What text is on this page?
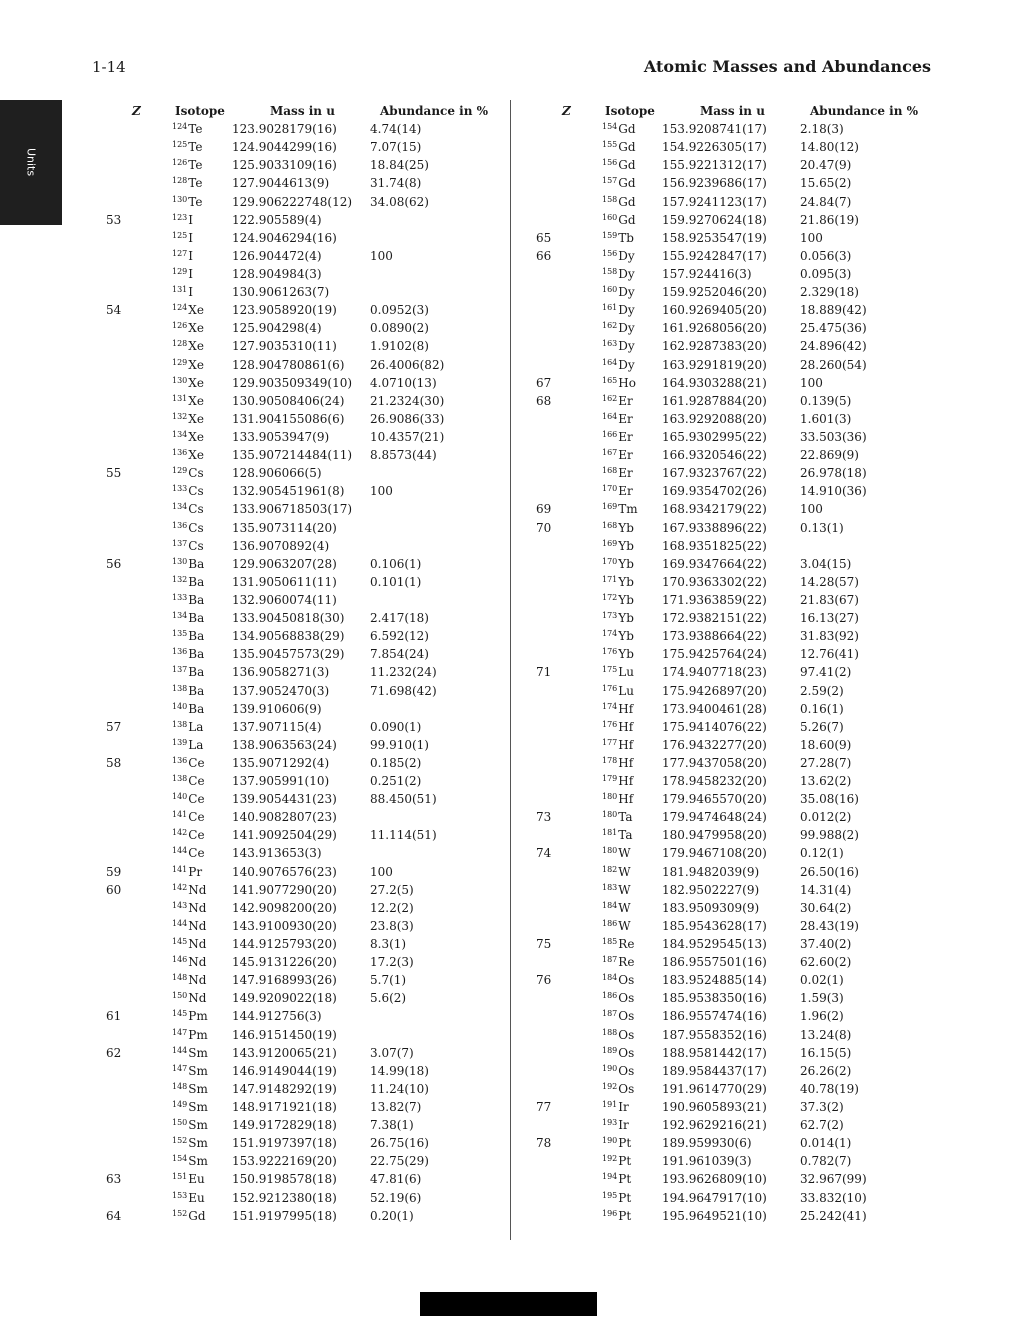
1-14	Atomic Masses and Abundances
Units
Z	Isotope	Mass in u	Abundance in %
$^{124}$Te 123.9028179(16)	4.74(14)
$^{125}$Te 124.9044299(16)	7.07(15)
$^{126}$Te 125.9033109(16)	18.84(25)
$^{128}$Te 127.9044613(9)	31.74(8)
$^{130}$Te 129.906222748(12) 34.08(62)
53	$^{123}$I	122.905589(4)
$^{125}$I	124.9046294(16)
$^{127}$I	126.904472(4)	100
$^{129}$I	128.904984(3)
$^{131}$I	130.9061263(7)
54	$^{124}$Xe 123.9058920(19)	0.0952(3)
$^{126}$Xe 125.904298(4)	0.0890(2)
$^{128}$Xe 127.9035310(11)	1.9102(8)
$^{129}$Xe 128.904780861(6) 26.4006(82)
$^{130}$Xe 129.903509349(10) 4.0710(13)
$^{131}$Xe 130.90508406(24) 21.2324(30)
$^{132}$Xe 131.904155086(6) 26.9086(33)
$^{134}$Xe 133.9053947(9)	10.4357(21)
$^{136}$Xe 135.907214484(11) 8.8573(44)
55	$^{129}$Cs 128.906066(5)
$^{133}$Cs 132.905451961(8) 100
$^{134}$Cs 133.906718503(17)
$^{136}$Cs 135.9073114(20)
$^{137}$Cs 136.9070892(4)
56	$^{130}$Ba 129.9063207(28)	0.106(1)
$^{132}$Ba 131.9050611(11)	0.101(1)
$^{133}$Ba 132.9060074(11)
$^{134}$Ba 133.90450818(30) 2.417(18)
$^{135}$Ba 134.90568838(29) 6.592(12)
$^{136}$Ba 135.90457573(29) 7.854(24)
$^{137}$Ba 136.9058271(3)	11.232(24)
$^{138}$Ba 137.9052470(3)	71.698(42)
$^{140}$Ba 139.910606(9)
57	$^{138}$La 137.907115(4)	0.090(1)
$^{139}$La 138.9063563(24)	99.910(1)
58	$^{136}$Ce 135.9071292(4)	0.185(2)
$^{138}$Ce 137.905991(10)	0.251(2)
$^{140}$Ce 139.9054431(23)	88.450(51)
$^{141}$Ce 140.9082807(23)
$^{142}$Ce 141.9092504(29)	11.114(51)
$^{144}$Ce 143.913653(3)
59	$^{141}$Pr 140.9076576(23)	100
60	$^{142}$Nd 141.9077290(20)	27.2(5)
$^{143}$Nd 142.9098200(20)	12.2(2)
$^{144}$Nd 143.9100930(20)	23.8(3)
$^{145}$Nd 144.9125793(20)	8.3(1)
$^{146}$Nd 145.9131226(20)	17.2(3)
$^{148}$Nd 147.9168993(26)	5.7(1)
$^{150}$Nd 149.9209022(18)	5.6(2)
61	$^{145}$Pm 144.912756(3)
$^{147}$Pm 146.9151450(19)
62	$^{144}$Sm 143.9120065(21)	3.07(7)
$^{147}$Sm 146.9149044(19)	14.99(18)
$^{148}$Sm 147.9148292(19)	11.24(10)
$^{149}$Sm 148.9171921(18)	13.82(7)
$^{150}$Sm 149.9172829(18)	7.38(1)
$^{152}$Sm 151.9197397(18)	26.75(16)
$^{154}$Sm 153.9222169(20)	22.75(29)
63	$^{151}$Eu 150.9198578(18)	47.81(6)
$^{153}$Eu 152.9212380(18)	52.19(6)
64	$^{152}$Gd 151.9197995(18)	0.20(1)
Z	Isotope	Mass in u	Abundance in %
$^{154}$Gd 153.9208741(17)	2.18(3)
$^{155}$Gd 154.9226305(17)	14.80(12)
$^{156}$Gd 155.9221312(17)	20.47(9)
$^{157}$Gd 156.9239686(17)	15.65(2)
$^{158}$Gd 157.9241123(17)	24.84(7)
$^{160}$Gd 159.9270624(18)	21.86(19)
65	$^{159}$Tb 158.9253547(19)	100
66	$^{156}$Dy 155.9242847(17)	0.056(3)
$^{158}$Dy 157.924416(3)	0.095(3)
$^{160}$Dy 159.9252046(20)	2.329(18)
$^{161}$Dy 160.9269405(20)	18.889(42)
$^{162}$Dy 161.9268056(20)	25.475(36)
$^{163}$Dy 162.9287383(20)	24.896(42)
$^{164}$Dy 163.9291819(20)	28.260(54)
67	$^{165}$Ho 164.9303288(21)	100
68	$^{162}$Er 161.9287884(20)	0.139(5)
$^{164}$Er 163.9292088(20)	1.601(3)
$^{166}$Er 165.9302995(22)	33.503(36)
$^{167}$Er 166.9320546(22)	22.869(9)
$^{168}$Er 167.9323767(22)	26.978(18)
$^{170}$Er 169.9354702(26)	14.910(36)
69	$^{169}$Tm 168.9342179(22)	100
70	$^{168}$Yb 167.9338896(22)	0.13(1)
$^{169}$Yb 168.9351825(22)
$^{170}$Yb 169.9347664(22)	3.04(15)
$^{171}$Yb 170.9363302(22)	14.28(57)
$^{172}$Yb 171.9363859(22)	21.83(67)
$^{173}$Yb 172.9382151(22)	16.13(27)
$^{174}$Yb 173.9388664(22)	31.83(92)
$^{176}$Yb 175.9425764(24)	12.76(41)
71	$^{175}$Lu 174.9407718(23)	97.41(2)
$^{176}$Lu 175.9426897(20)	2.59(2)
$^{174}$Hf 173.9400461(28)	0.16(1)
$^{176}$Hf 175.9414076(22)	5.26(7)
$^{177}$Hf 176.9432277(20)	18.60(9)
$^{178}$Hf 177.9437058(20)	27.28(7)
$^{179}$Hf 178.9458232(20)	13.62(2)
$^{180}$Hf 179.9465570(20)	35.08(16)
73	$^{180}$Ta 179.9474648(24)	0.012(2)
$^{181}$Ta 180.9479958(20)	99.988(2)
74	$^{180}$W	179.9467108(20)	0.12(1)
$^{182}$W	181.9482039(9)	26.50(16)
$^{183}$W	182.9502227(9)	14.31(4)
$^{184}$W	183.9509309(9)	30.64(2)
$^{186}$W	185.9543628(17)	28.43(19)
75	$^{185}$Re 184.9529545(13)	37.40(2)
$^{187}$Re 186.9557501(16)	62.60(2)
76	$^{184}$Os 183.9524885(14)	0.02(1)
$^{186}$Os 185.9538350(16)	1.59(3)
$^{187}$Os 186.9557474(16)	1.96(2)
$^{188}$Os 187.9558352(16)	13.24(8)
$^{189}$Os 188.9581442(17)	16.15(5)
$^{190}$Os 189.9584437(17)	26.26(2)
$^{192}$Os 191.9614770(29)	40.78(19)
77	$^{191}$Ir	190.9605893(21)	37.3(2)
$^{193}$Ir	192.9629216(21)	62.7(2)
78	$^{190}$Pt	189.959930(6)	0.014(1)
$^{192}$Pt	191.961039(3)	0.782(7)
$^{194}$Pt	193.9626809(10)	32.967(99)
$^{195}$Pt	194.9647917(10)	33.832(10)
$^{196}$Pt	195.9649521(10)	25.242(41)
